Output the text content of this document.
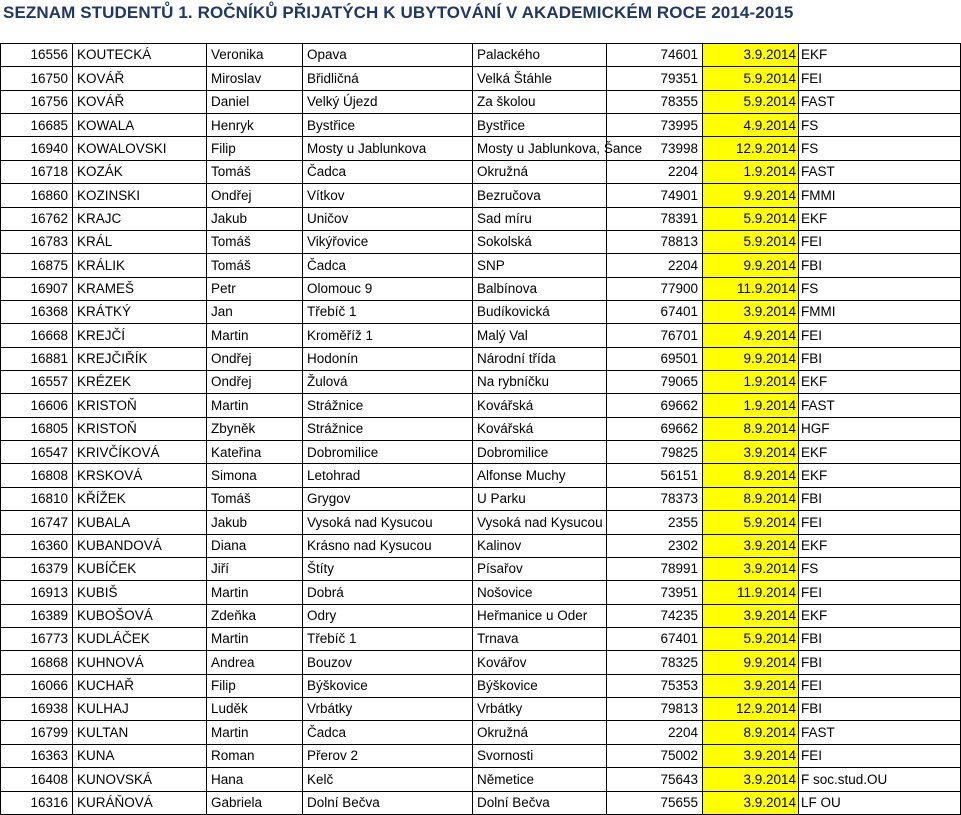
SEZNAM STUDENTŮ 1. ROČNÍKŮ PŘIJATÝCH K UBYTOVÁNÍ V AKADEMICKÉM ROCE 2014-2015
16556	KOUTECKÁ	Veronika	Opava	Palackého	74601	3.9.2014	EKF
16750	KOVÁŘ	Miroslav	Břidličná	Velká Štáhle	79351	5.9.2014	FEI
16756	KOVÁŘ	Daniel	Velký Újezd	Za školou	78355	5.9.2014	FAST
16685	KOWALA	Henryk	Bystřice	Bystřice	73995	4.9.2014	FS
16940	KOWALOVSKI	Filip	Mosty u Jablunkova	Mosty u Jablunkova, Šance	73998	12.9.2014	FS
16718	KOZÁK	Tomáš	Čadca	Okružná	2204	1.9.2014	FAST
16860	KOZINSKI	Ondřej	Vítkov	Bezručova	74901	9.9.2014	FMMI
16762	KRAJC	Jakub	Uničov	Sad míru	78391	5.9.2014	EKF
16783	KRÁL	Tomáš	Vikýřovice	Sokolská	78813	5.9.2014	FEI
16875	KRÁLIK	Tomáš	Čadca	SNP	2204	9.9.2014	FBI
16907	KRAMEŠ	Petr	Olomouc 9	Balbínova	77900	11.9.2014	FS
16368	KRÁTKÝ	Jan	Třebíč 1	Budíkovická	67401	3.9.2014	FMMI
16668	KREJČÍ	Martin	Kroměříž 1	Malý Val	76701	4.9.2014	FEI
16881	KREJČIŘÍK	Ondřej	Hodonín	Národní třída	69501	9.9.2014	FBI
16557	KRÉZEK	Ondřej	Žulová	Na rybníčku	79065	1.9.2014	EKF
16606	KRISTOŇ	Martin	Strážnice	Kovářská	69662	1.9.2014	FAST
16805	KRISTOŇ	Zbyněk	Strážnice	Kovářská	69662	8.9.2014	HGF
16547	KRIVČÍKOVÁ	Kateřina	Dobromilice	Dobromilice	79825	3.9.2014	EKF
16808	KRSKOVÁ	Simona	Letohrad	Alfonse Muchy	56151	8.9.2014	EKF
16810	KŘÍŽEK	Tomáš	Grygov	U Parku	78373	8.9.2014	FBI
16747	KUBALA	Jakub	Vysoká nad Kysucou	Vysoká nad Kysucou	2355	5.9.2014	FEI
16360	KUBANDOVÁ	Diana	Krásno nad Kysucou	Kalinov	2302	3.9.2014	EKF
16379	KUBÍČEK	Jiří	Štíty	Písařov	78991	3.9.2014	FS
16913	KUBIŠ	Martin	Dobrá	Nošovice	73951	11.9.2014	FEI
16389	KUBOŠOVÁ	Zdeňka	Odry	Heřmanice u Oder	74235	3.9.2014	EKF
16773	KUDLÁČEK	Martin	Třebíč 1	Trnava	67401	5.9.2014	FBI
16868	KUHNOVÁ	Andrea	Bouzov	Kovářov	78325	9.9.2014	FBI
16066	KUCHAŘ	Filip	Býškovice	Býškovice	75353	3.9.2014	FEI
16938	KULHAJ	Luděk	Vrbátky	Vrbátky	79813	12.9.2014	FBI
16799	KULTAN	Martin	Čadca	Okružná	2204	8.9.2014	FAST
16363	KUNA	Roman	Přerov 2	Svornosti	75002	3.9.2014	FEI
16408	KUNOVSKÁ	Hana	Kelč	Němetice	75643	3.9.2014	F soc.stud.OU
16316	KURÁŇOVÁ	Gabriela	Dolní Bečva	Dolní Bečva	75655	3.9.2014	LF OU
